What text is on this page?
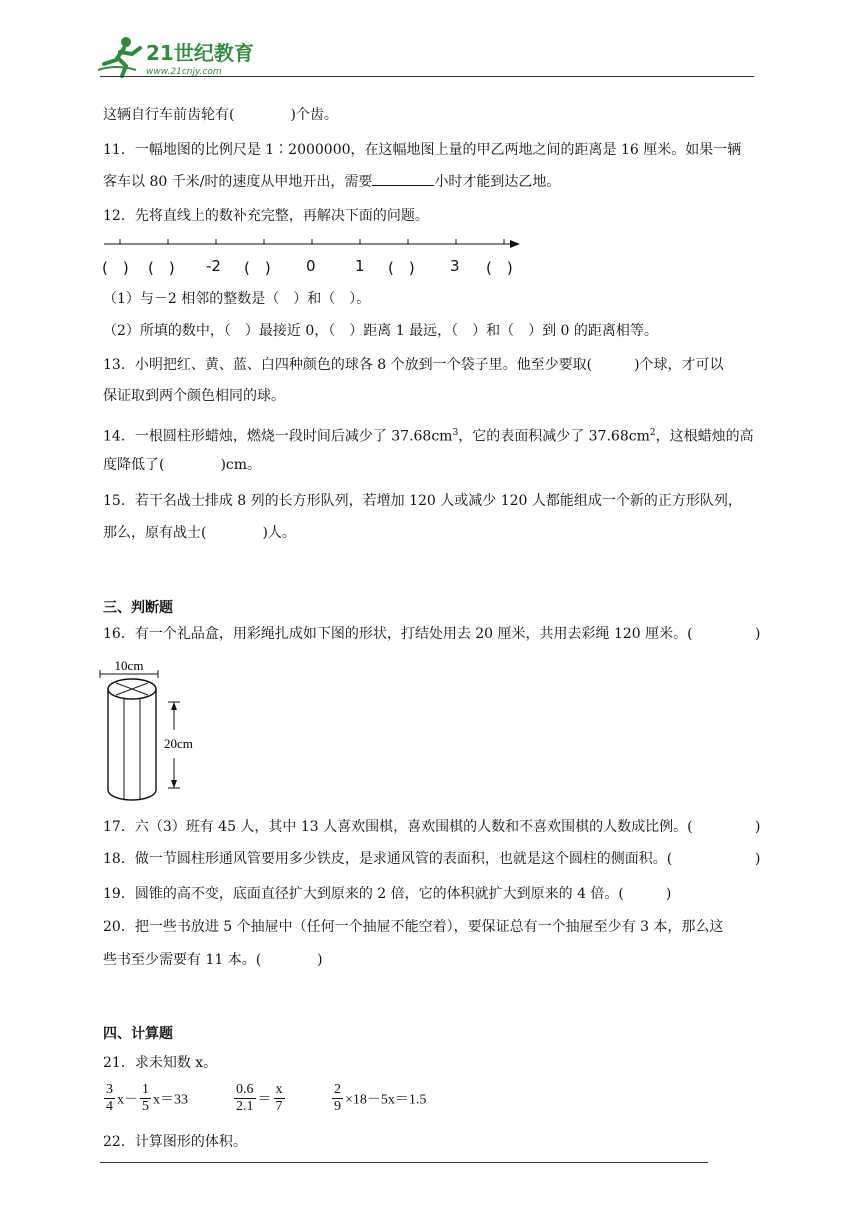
21世纪教育
www.21cnjy.com
这辆自行车前齿轮有(　　　　)个齿。
11．一幅地图的比例尺是 1∶2000000，在这幅地图上量的甲乙两地之间的距离是 16 厘米。如果一辆
客车以 80 千米/时的速度从甲地开出，需要	小时才能到达乙地。
12．先将直线上的数补充完整，再解决下面的问题。
(　) (　) -2 (　) 0	1 (　) 3 (　)
（1）与－2 相邻的整数是（　）和（　）。
（2）所填的数中，（　）最接近 0，（　）距离 1 最远，（　）和（　）到 0 的距离相等。
13．小明把红、黄、蓝、白四种颜色的球各 8 个放到一个袋子里。他至少要取(　　　)个球，才可以
保证取到两个颜色相同的球。
14．一根圆柱形蜡烛，燃烧一段时间后减少了 $37.68cm^3$，它的表面积减少了 $37.68cm^2$，这根蜡烛的高
度降低了(　　　　)cm。
15．若干名战士排成 8 列的长方形队列，若增加 120 人或减少 120 人都能组成一个新的正方形队列，
那么，原有战士(　　　　)人。
三、判断题
16．有一个礼品盒，用彩绳扎成如下图的形状，打结处用去 20 厘米，共用去彩绳 120 厘米。(	)
10cm
20cm
17．六（3）班有 45 人，其中 13 人喜欢围棋，喜欢围棋的人数和不喜欢围棋的人数成比例。(	)
18．做一节圆柱形通风管要用多少铁皮，是求通风管的表面积，也就是这个圆柱的侧面积。(	)
19．圆锥的高不变，底面直径扩大到原来的 2 倍，它的体积就扩大到原来的 4 倍。(　　　)
20．把一些书放进 5 个抽屉中（任何一个抽屉不能空着），要保证总有一个抽屉至少有 3 本，那么这
些书至少需要有 11 本。(　　　　)
四、计算题
21．求未知数 x。
$\frac{3}{4} x- \frac{1}{5} x=33$	$\frac{0.6}{2.1} = \frac{x}{7}$	$\frac{2}{9} \times 18-5x=1.5$
22．计算图形的体积。
